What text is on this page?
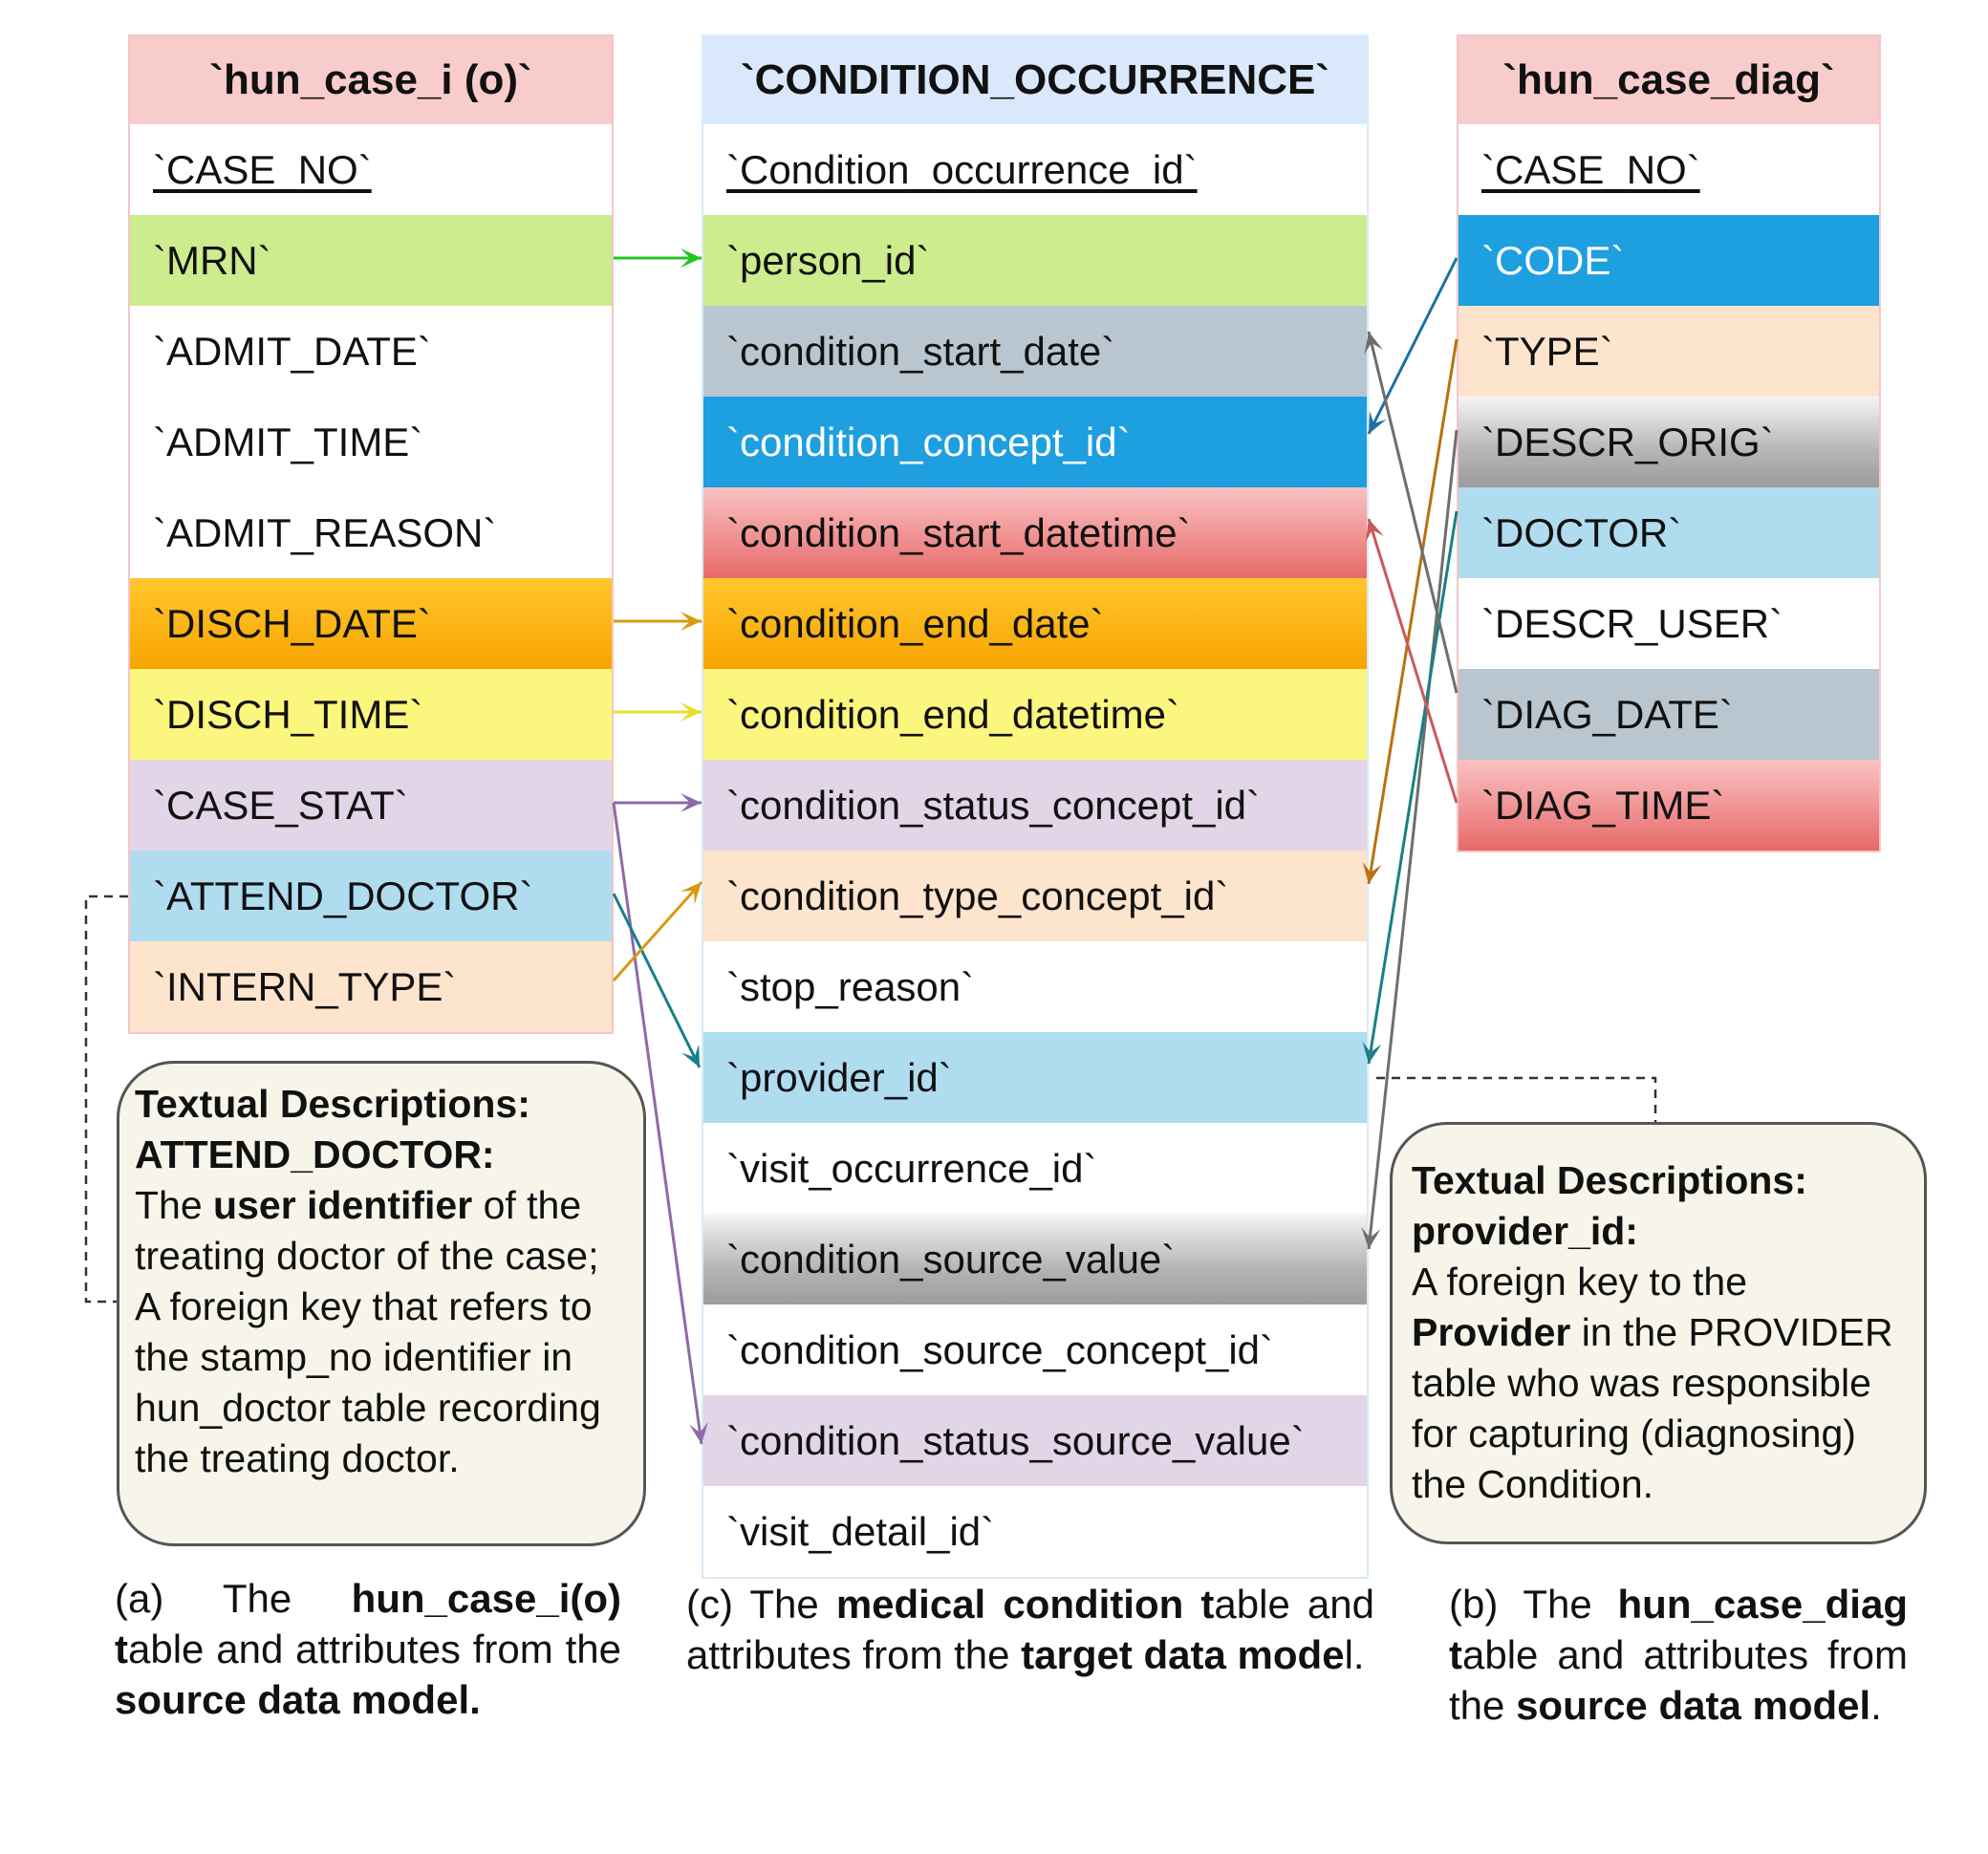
`hun_case_i (o)`
`CASE_NO`
`MRN`
`ADMIT_DATE`
`ADMIT_TIME`
`ADMIT_REASON`
`DISCH_DATE`
`DISCH_TIME`
`CASE_STAT`
`ATTEND_DOCTOR`
`INTERN_TYPE`
`CONDITION_OCCURRENCE`
`Condition_occurrence_id`
`person_id`
`condition_start_date`
`condition_concept_id`
`condition_start_datetime`
`condition_end_date`
`condition_end_datetime`
`condition_status_concept_id`
`condition_type_concept_id`
`stop_reason`
`provider_id`
`visit_occurrence_id`
`condition_source_value`
`condition_source_concept_id`
`condition_status_source_value`
`visit_detail_id`
`hun_case_diag`
`CASE_NO`
`CODE`
`TYPE`
`DESCR_ORIG`
`DOCTOR`
`DESCR_USER`
`DIAG_DATE`
`DIAG_TIME`

Textual Descriptions:

ATTEND_DOCTOR:

The user identifier of the treating doctor of the case; A foreign key that refers to the stamp_no identifier in hun_doctor table recording the treating doctor.

Textual Descriptions:

provider_id:

A foreign key to the Provider in the PROVIDER table who was responsible for capturing (diagnosing) the Condition.

(a) The hun_case_i(o) table and attributes from the source data model.
(c) The medical condition table and attributes from the target data model.
(b) The hun_case_diag table and attributes from the source data model.
